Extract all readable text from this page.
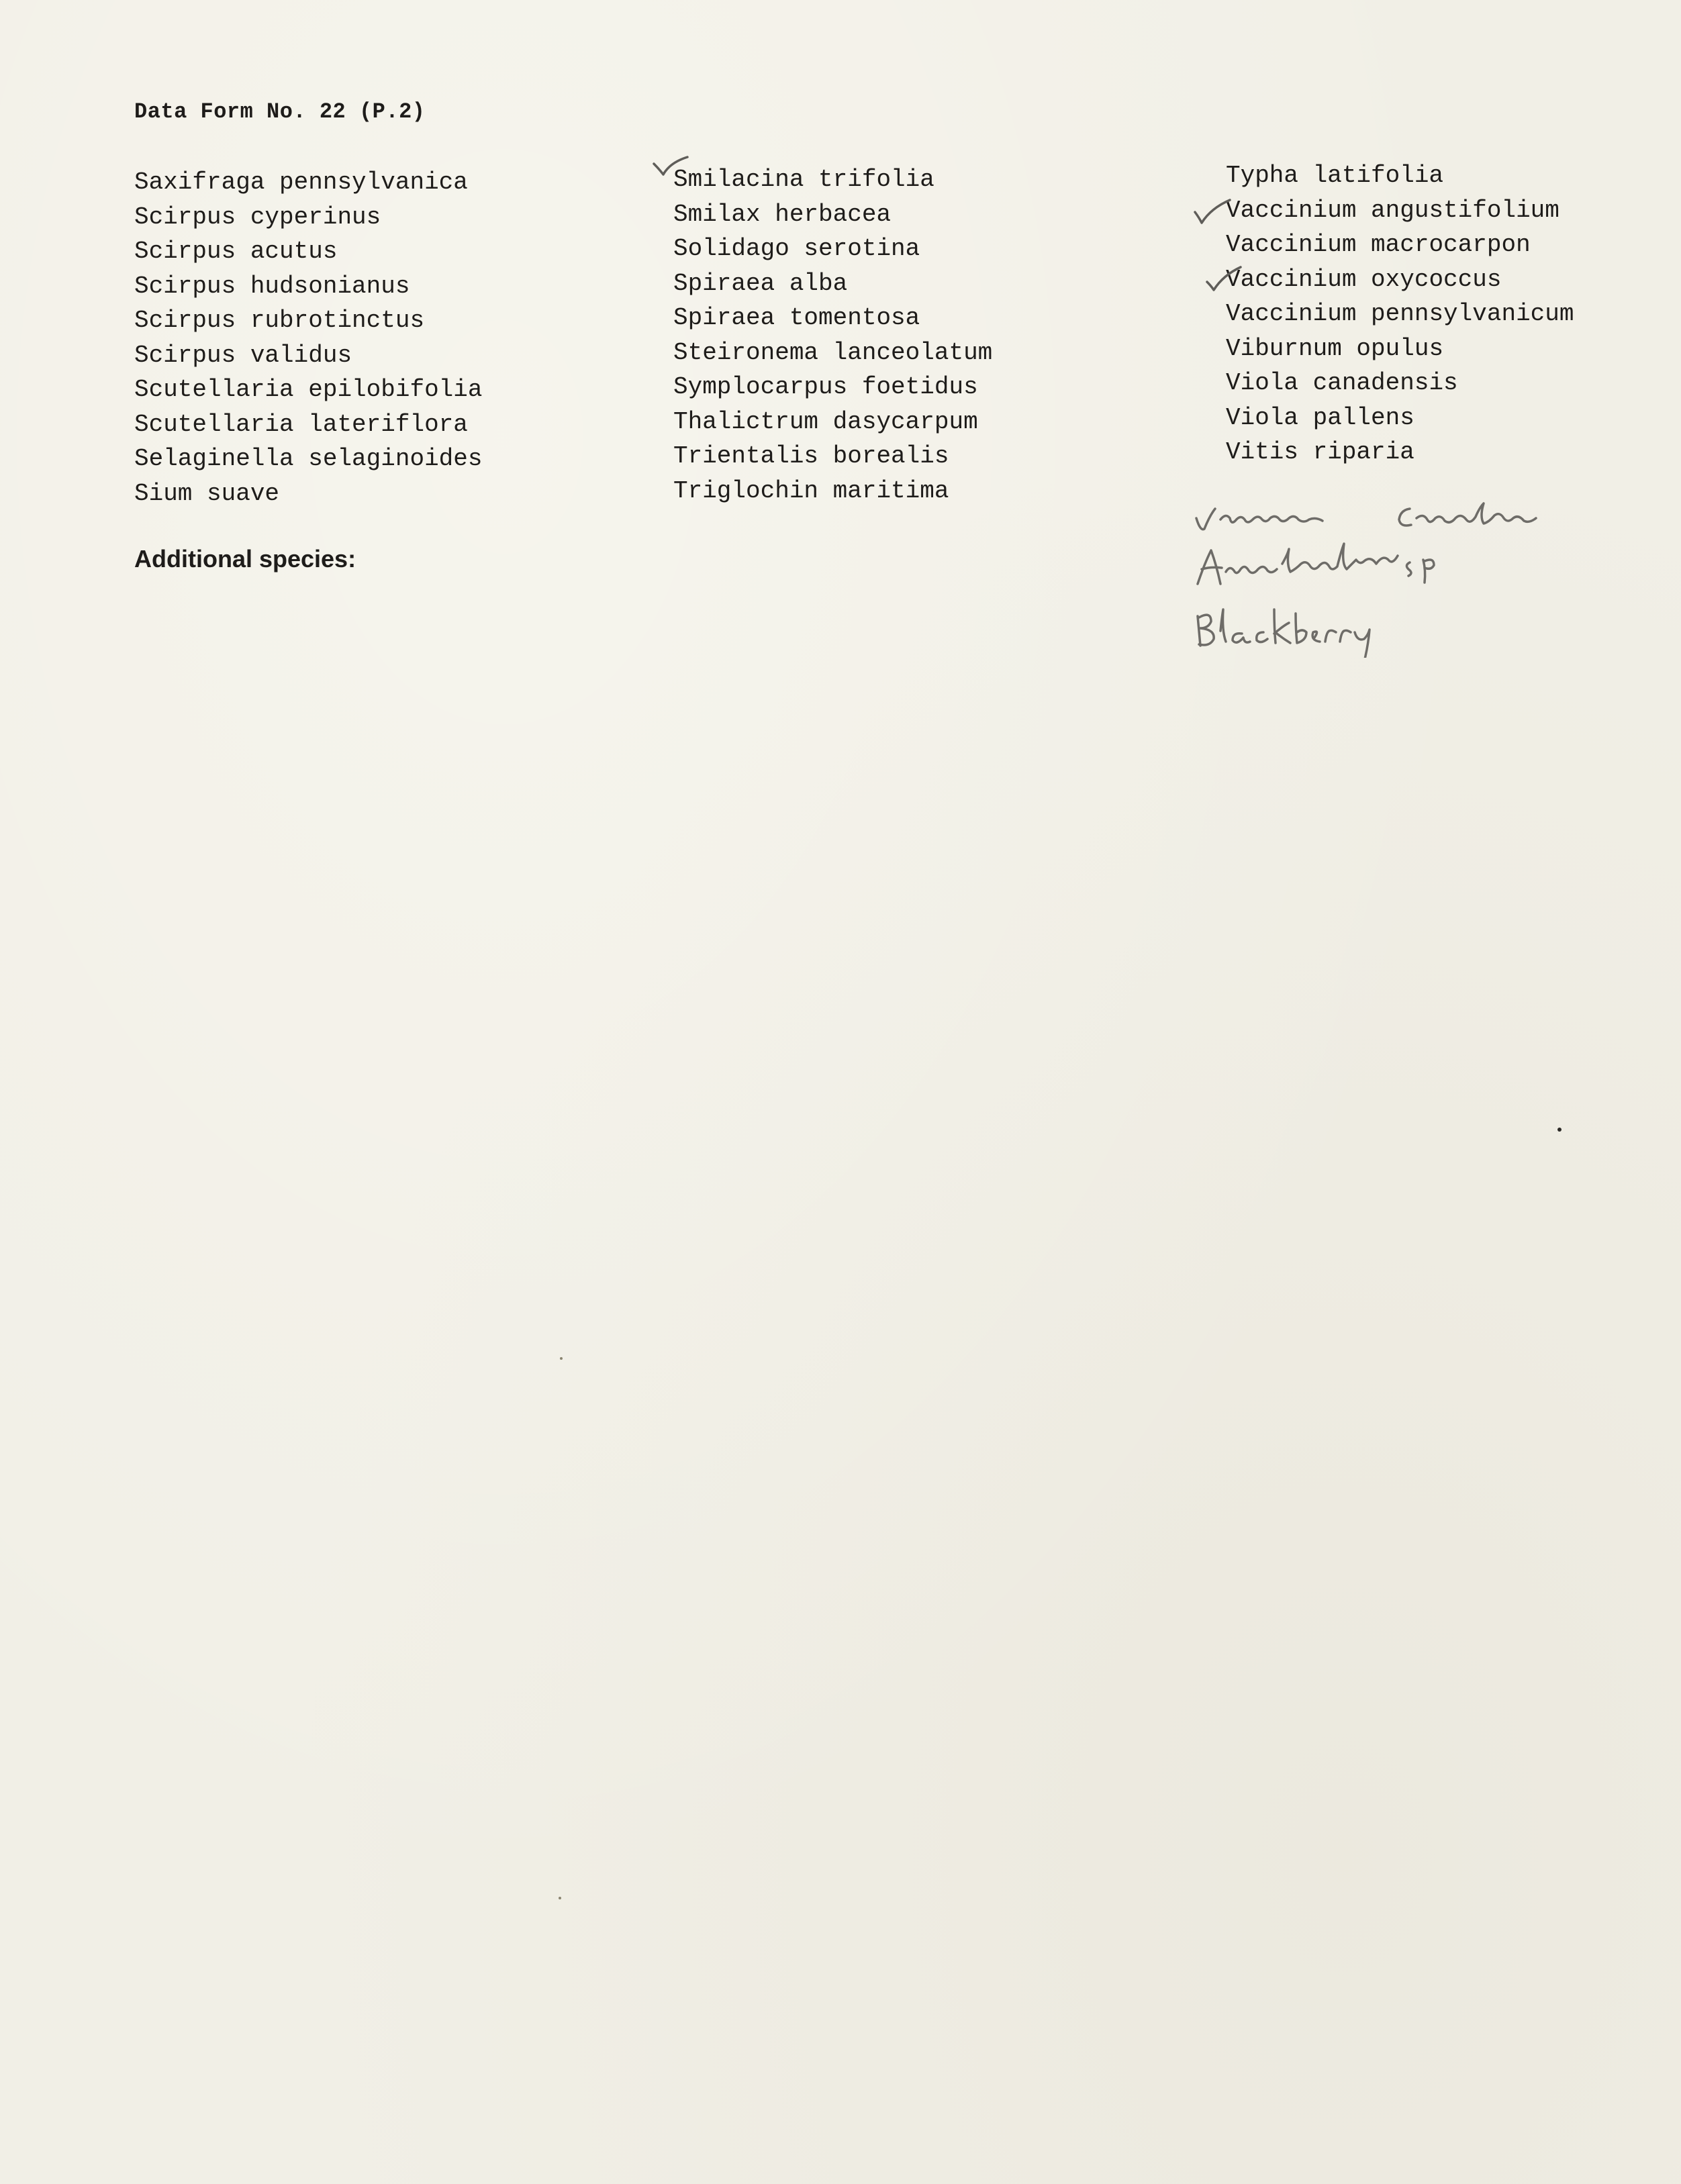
Data Form No. 22 (P.2)
Saxifraga pennsylvanica
Scirpus cyperinus
Scirpus acutus
Scirpus hudsonianus
Scirpus rubrotinctus
Scirpus validus
Scutellaria epilobifolia
Scutellaria lateriflora
Selaginella selaginoides
Sium suave
Smilacina trifolia
Smilax herbacea
Solidago serotina
Spiraea alba
Spiraea tomentosa
Steironema lanceolatum
Symplocarpus foetidus
Thalictrum dasycarpum
Trientalis borealis
Triglochin maritima
Typha latifolia
Vaccinium angustifolium
Vaccinium macrocarpon
Vaccinium oxycoccus
Vaccinium pennsylvanicum
Viburnum opulus
Viola canadensis
Viola pallens
Vitis riparia
Additional species:
